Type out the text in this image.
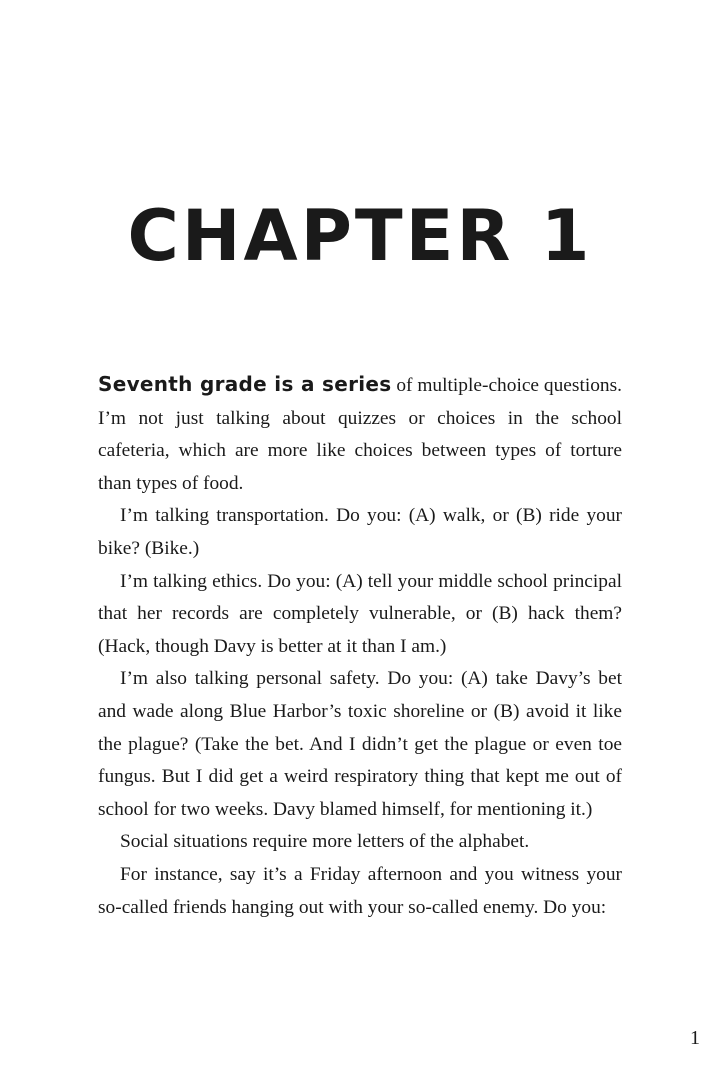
CHAPTER 1

Seventh grade is a series of multiple-choice questions. I’m not just talking about quizzes or choices in the school cafeteria, which are more like choices between types of torture than types of food.

I’m talking transportation. Do you: (A) walk, or (B) ride your bike? (Bike.)

I’m talking ethics. Do you: (A) tell your middle school principal that her records are completely vulnerable, or (B) hack them? (Hack, though Davy is better at it than I am.)

I’m also talking personal safety. Do you: (A) take Davy’s bet and wade along Blue Harbor’s toxic shoreline or (B) avoid it like the plague? (Take the bet. And I didn’t get the plague or even toe fungus. But I did get a weird respiratory thing that kept me out of school for two weeks. Davy blamed himself, for mentioning it.)

Social situations require more letters of the alphabet.

For instance, say it’s a Friday afternoon and you witness your so-called friends hanging out with your so-called enemy. Do you:

1
